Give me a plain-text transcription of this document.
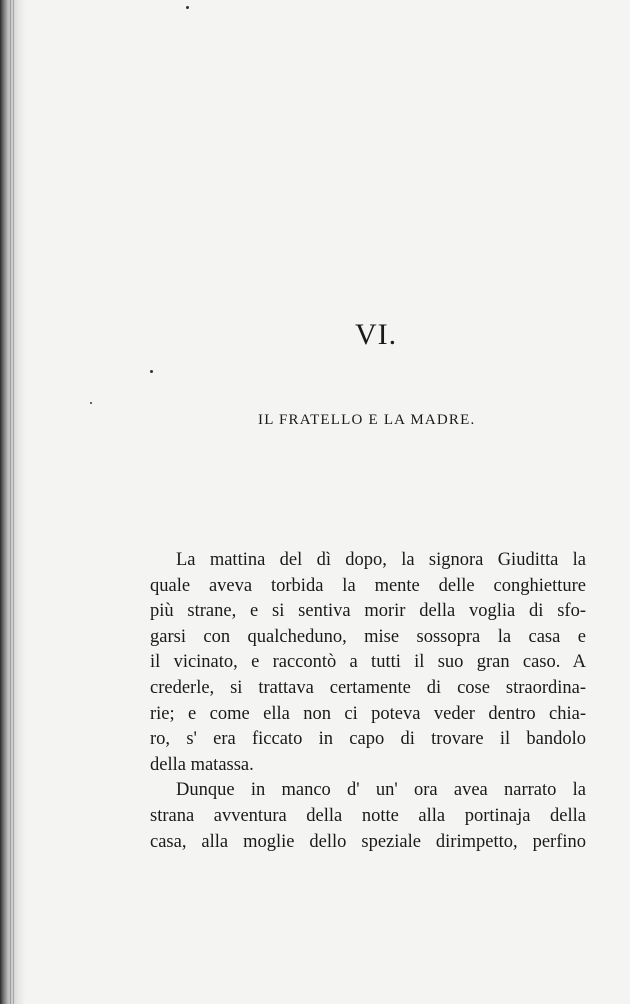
VI.
IL FRATELLO E LA MADRE.
La mattina del dì dopo, la signora Giuditta la
quale aveva torbida la mente delle conghietture
più strane, e si sentiva morir della voglia di sfo-
garsi con qualcheduno, mise sossopra la casa e
il vicinato, e raccontò a tutti il suo gran caso. A
crederle, si trattava certamente di cose straordina-
rie; e come ella non ci poteva veder dentro chia-
ro, s' era ficcato in capo di trovare il bandolo
della matassa.
Dunque in manco d' un' ora avea narrato la
strana avventura della notte alla portinaja della
casa, alla moglie dello speziale dirimpetto, perfino
